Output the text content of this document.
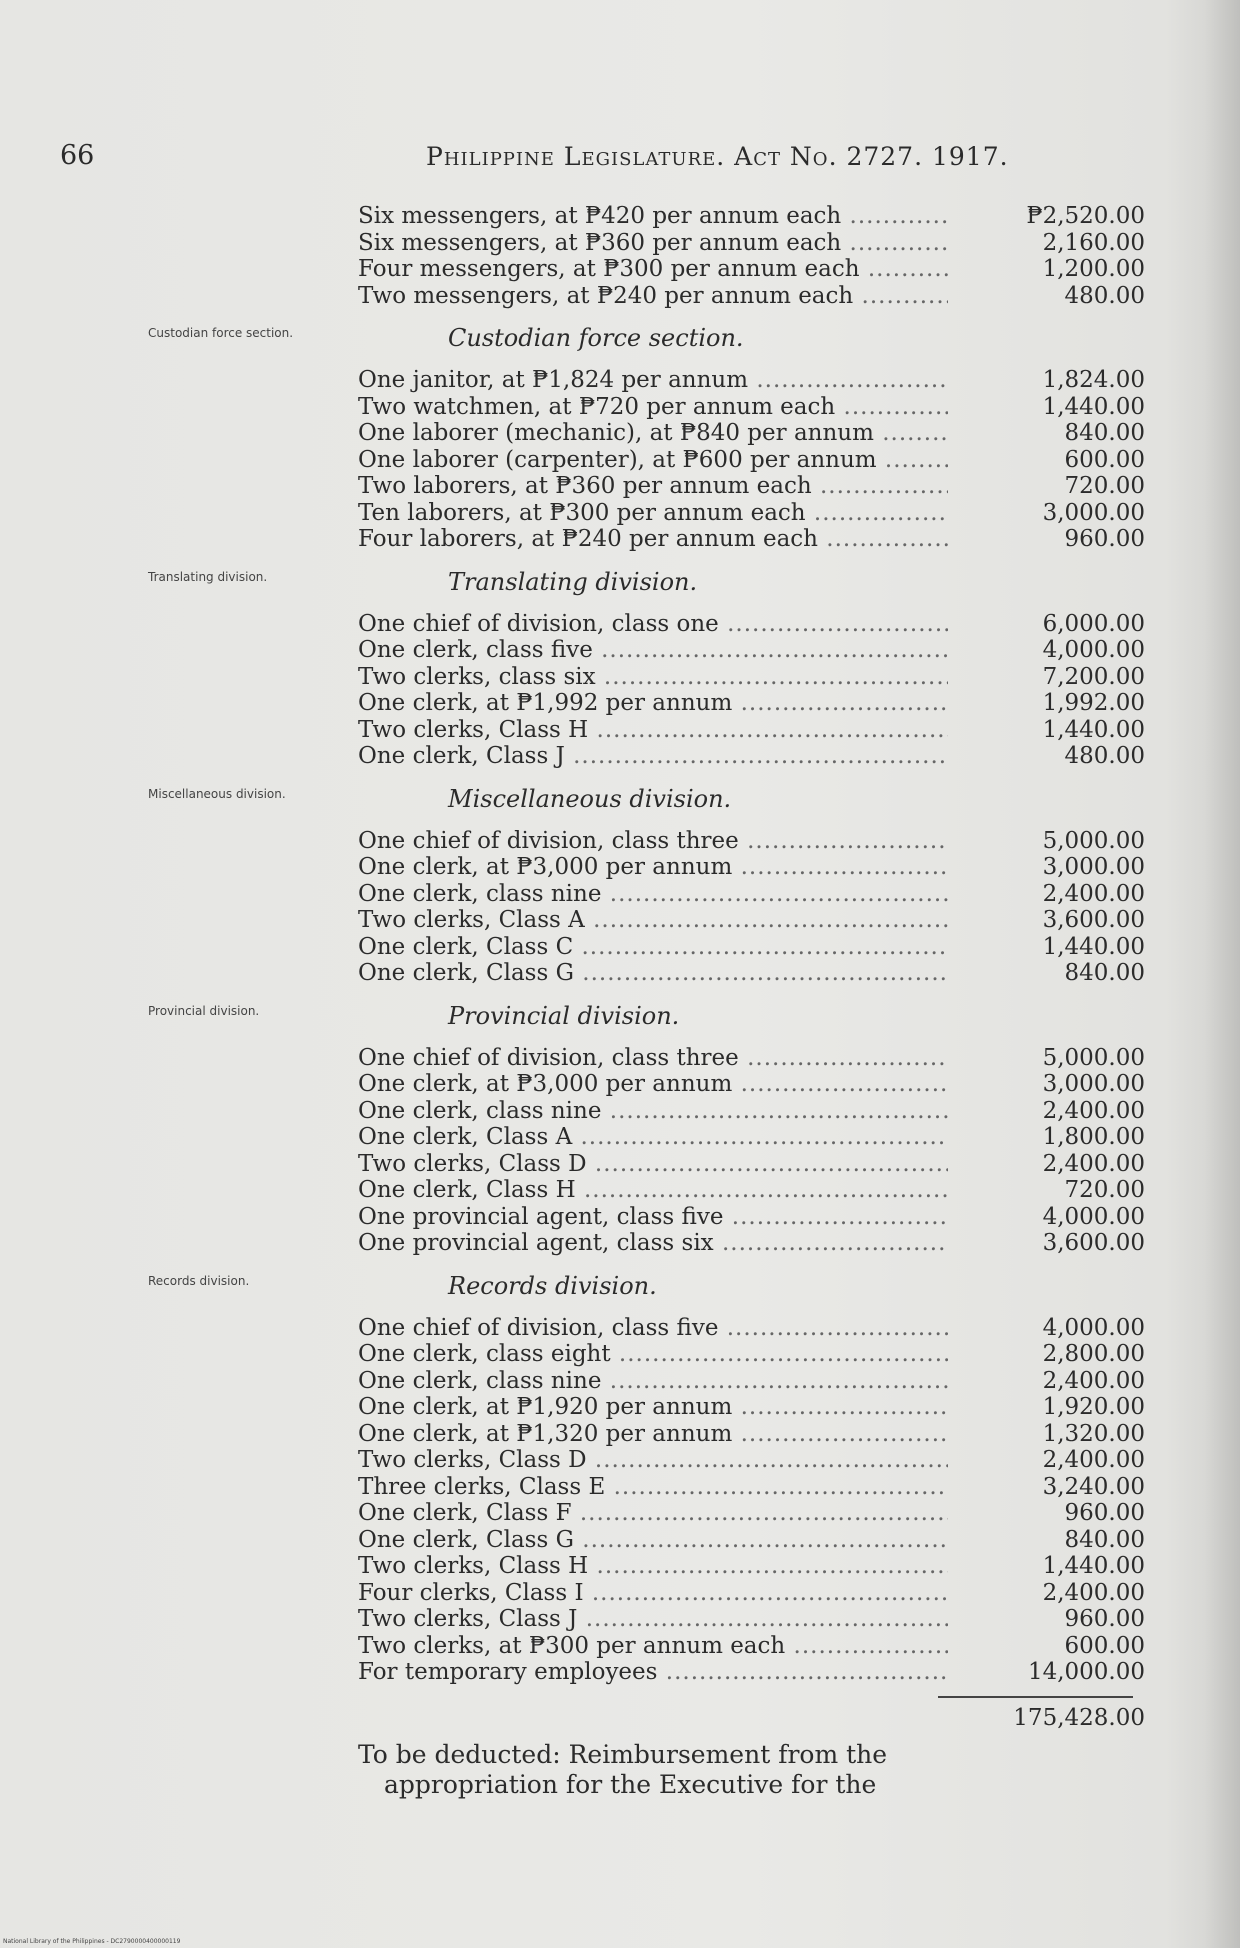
66	Philippine Legislature. Act No. 2727. 1917.
Six messengers, at ₱420 per annum each .....	₱2,520.00
Six messengers, at ₱360 per annum each .....	2,160.00
Four messengers, at ₱300 per annum each .....	1,200.00
Two messengers, at ₱240 per annum each .....	480.00
Custodian force section.	Custodian force section.
One janitor, at ₱1,824 per annum .....	1,824.00
Two watchmen, at ₱720 per annum each .....	1,440.00
One laborer (mechanic), at ₱840 per annum .....	840.00
One laborer (carpenter), at ₱600 per annum .....	600.00
Two laborers, at ₱360 per annum each .....	720.00
Ten laborers, at ₱300 per annum each .....	3,000.00
Four laborers, at ₱240 per annum each .....	960.00
Translating division.	Translating division.
One chief of division, class one .....	6,000.00
One clerk, class five .....	4,000.00
Two clerks, class six .....	7,200.00
One clerk, at ₱1,992 per annum .....	1,992.00
Two clerks, Class H .....	1,440.00
One clerk, Class J .....	480.00
Miscellaneous division.	Miscellaneous division.
One chief of division, class three .....	5,000.00
One clerk, at ₱3,000 per annum .....	3,000.00
One clerk, class nine .....	2,400.00
Two clerks, Class A .....	3,600.00
One clerk, Class C .....	1,440.00
One clerk, Class G .....	840.00
Provincial division.	Provincial division.
One chief of division, class three .....	5,000.00
One clerk, at ₱3,000 per annum .....	3,000.00
One clerk, class nine .....	2,400.00
One clerk, Class A .....	1,800.00
Two clerks, Class D .....	2,400.00
One clerk, Class H .....	720.00
One provincial agent, class five .....	4,000.00
One provincial agent, class six .....	3,600.00
Records division.	Records division.
One chief of division, class five .....	4,000.00
One clerk, class eight .....	2,800.00
One clerk, class nine .....	2,400.00
One clerk, at ₱1,920 per annum .....	1,920.00
One clerk, at ₱1,320 per annum .....	1,320.00
Two clerks, Class D .....	2,400.00
Three clerks, Class E .....	3,240.00
One clerk, Class F .....	960.00
One clerk, Class G .....	840.00
Two clerks, Class H .....	1,440.00
Four clerks, Class I .....	2,400.00
Two clerks, Class J .....	960.00
Two clerks, at ₱300 per annum each .....	600.00
For temporary employees .....	14,000.00
175,428.00
To be deducted: Reimbursement from the
appropriation for the Executive for the
National Library of the Philippines - DC2790000400000119
